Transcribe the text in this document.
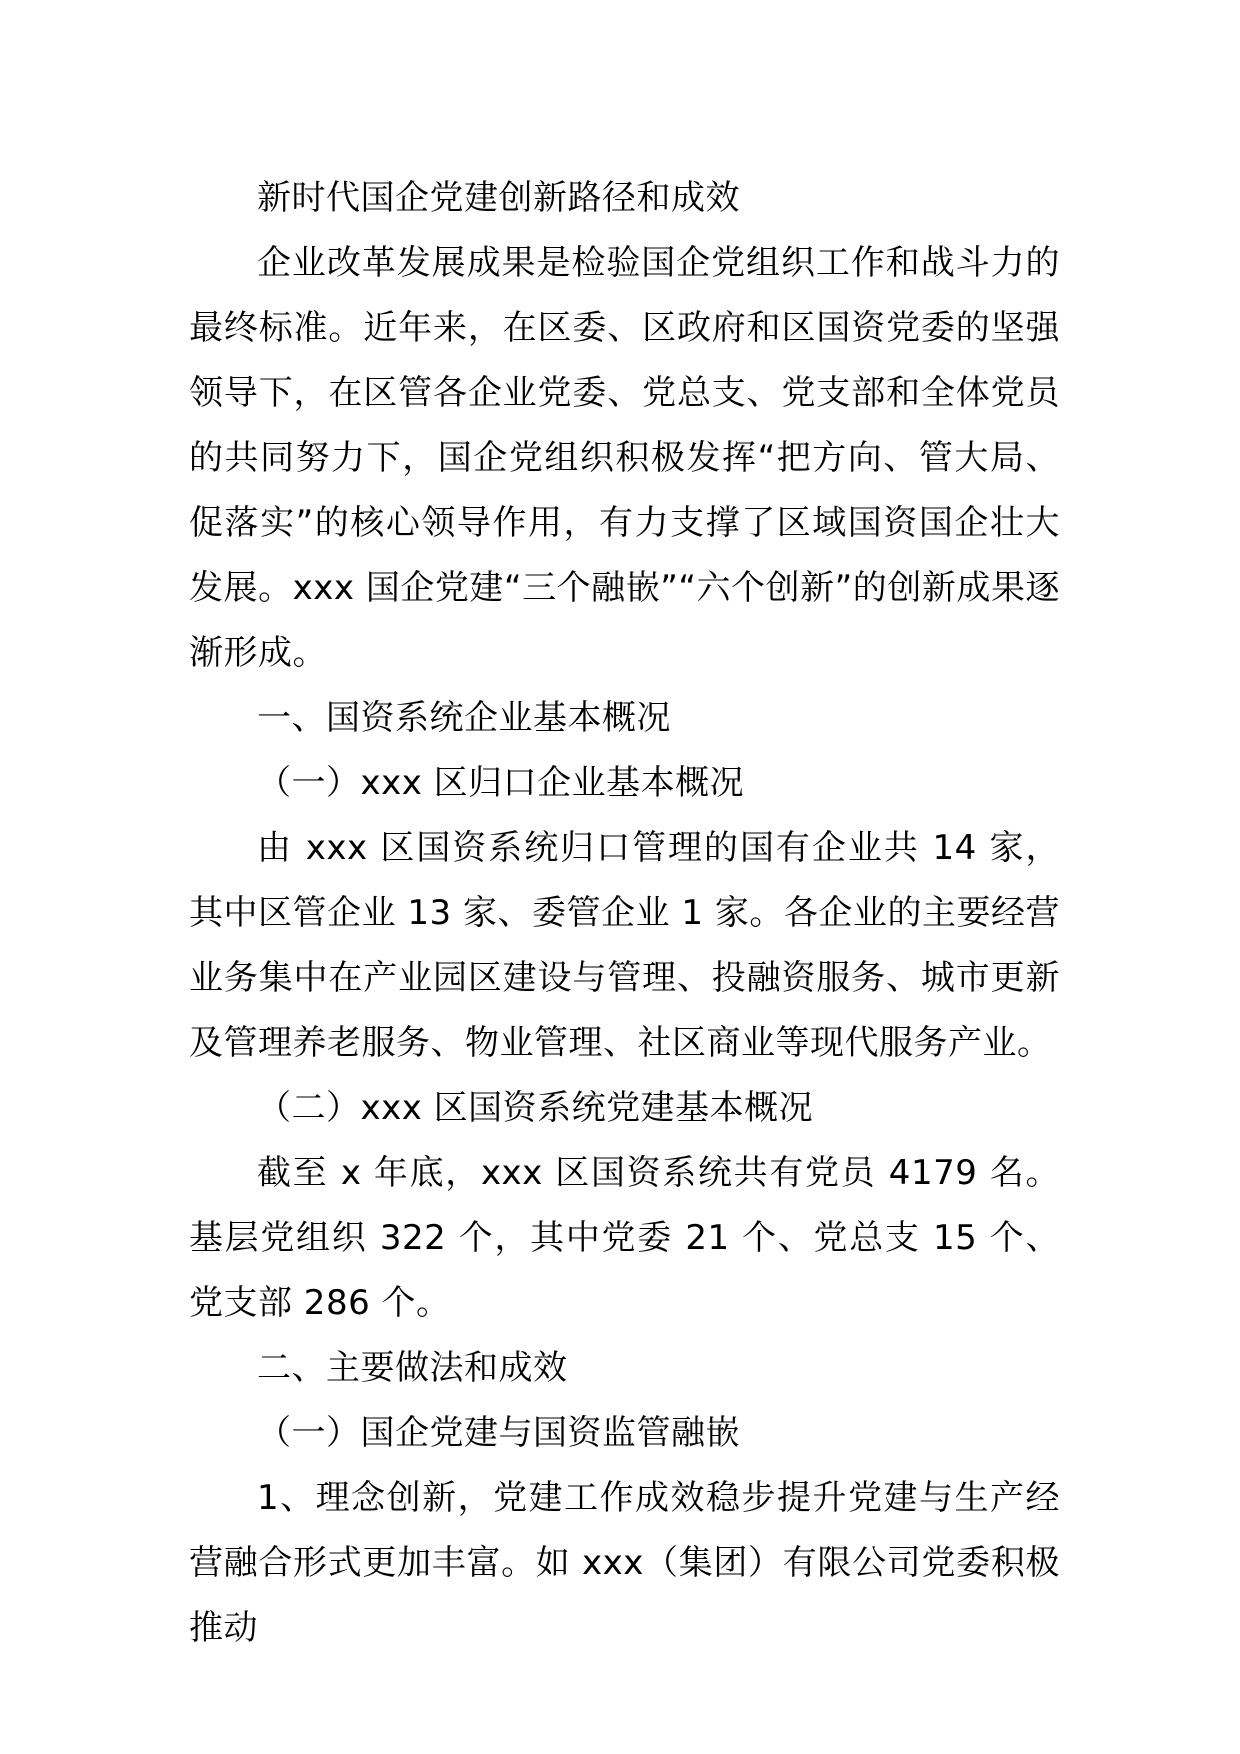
新时代国企党建创新路径和成效

企业改革发展成果是检验国企党组织工作和战斗力的最终标准。近年来，在区委、区政府和区国资党委的坚强领导下，在区管各企业党委、党总支、党支部和全体党员的共同努力下，国企党组织积极发挥“把方向、管大局、促落实”的核心领导作用，有力支撑了区域国资国企壮大发展。xxx 国企党建“三个融嵌”“六个创新”的创新成果逐渐形成。

一、国资系统企业基本概况

（一）xxx 区归口企业基本概况

由 xxx 区国资系统归口管理的国有企业共 14 家，其中区管企业 13 家、委管企业 1 家。各企业的主要经营业务集中在产业园区建设与管理、投融资服务、城市更新及管理养老服务、物业管理、社区商业等现代服务产业。

（二）xxx 区国资系统党建基本概况

截至 x 年底，xxx 区国资系统共有党员 4179 名。基层党组织 322 个，其中党委 21 个、党总支 15 个、党支部 286 个。

二、主要做法和成效

（一）国企党建与国资监管融嵌

1、理念创新，党建工作成效稳步提升党建与生产经营融合形式更加丰富。如 xxx（集团）有限公司党委积极推动
